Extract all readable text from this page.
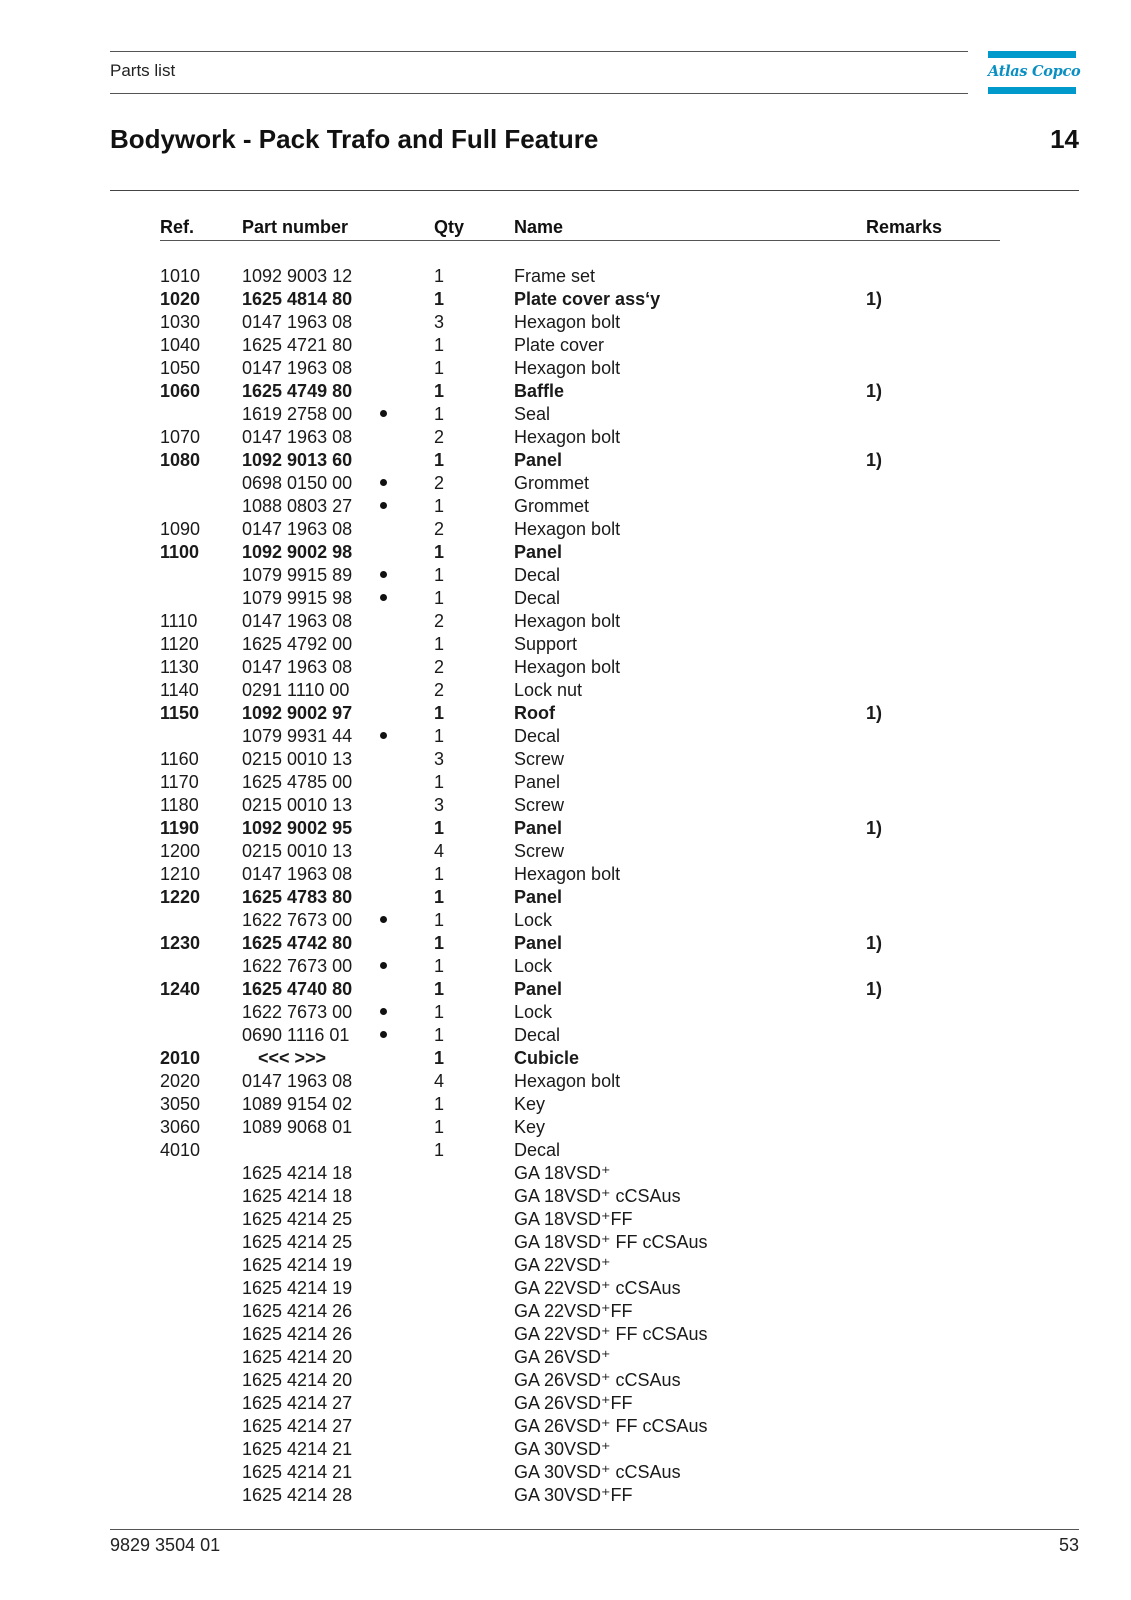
Parts list	Atlas Copco
Bodywork - Pack Trafo and Full Feature	14
Ref.	Part number	Qty	Name	Remarks
1010	1092 9003 12		1	Frame set	
1020	1625 4814 80		1	Plate cover ass‘y	1)
1030	0147 1963 08		3	Hexagon bolt	
1040	1625 4721 80		1	Plate cover	
1050	0147 1963 08		1	Hexagon bolt	
1060	1625 4749 80		1	Baffle	1)
	1619 2758 00		1	Seal	
1070	0147 1963 08		2	Hexagon bolt	
1080	1092 9013 60		1	Panel	1)
	0698 0150 00		2	Grommet	
	1088 0803 27		1	Grommet	
1090	0147 1963 08		2	Hexagon bolt	
1100	1092 9002 98		1	Panel	
	1079 9915 89		1	Decal	
	1079 9915 98		1	Decal	
1110	0147 1963 08		2	Hexagon bolt	
1120	1625 4792 00		1	Support	
1130	0147 1963 08		2	Hexagon bolt	
1140	0291 1110 00		2	Lock nut	
1150	1092 9002 97		1	Roof	1)
	1079 9931 44		1	Decal	
1160	0215 0010 13		3	Screw	
1170	1625 4785 00		1	Panel	
1180	0215 0010 13		3	Screw	
1190	1092 9002 95		1	Panel	1)
1200	0215 0010 13		4	Screw	
1210	0147 1963 08		1	Hexagon bolt	
1220	1625 4783 80		1	Panel	
	1622 7673 00		1	Lock	
1230	1625 4742 80		1	Panel	1)
	1622 7673 00		1	Lock	
1240	1625 4740 80		1	Panel	1)
	1622 7673 00		1	Lock	
	0690 1116 01		1	Decal	
2010	<<< >>>		1	Cubicle	
2020	0147 1963 08		4	Hexagon bolt	
3050	1089 9154 02		1	Key	
3060	1089 9068 01		1	Key	
4010			1	Decal	
	1625 4214 18			GA 18VSD⁺	
	1625 4214 18			GA 18VSD⁺ cCSAus	
	1625 4214 25			GA 18VSD⁺FF	
	1625 4214 25			GA 18VSD⁺ FF cCSAus	
	1625 4214 19			GA 22VSD⁺	
	1625 4214 19			GA 22VSD⁺ cCSAus	
	1625 4214 26			GA 22VSD⁺FF	
	1625 4214 26			GA 22VSD⁺ FF cCSAus	
	1625 4214 20			GA 26VSD⁺	
	1625 4214 20			GA 26VSD⁺ cCSAus	
	1625 4214 27			GA 26VSD⁺FF	
	1625 4214 27			GA 26VSD⁺ FF cCSAus	
	1625 4214 21			GA 30VSD⁺	
	1625 4214 21			GA 30VSD⁺ cCSAus	
	1625 4214 28			GA 30VSD⁺FF	
9829 3504 01	53
